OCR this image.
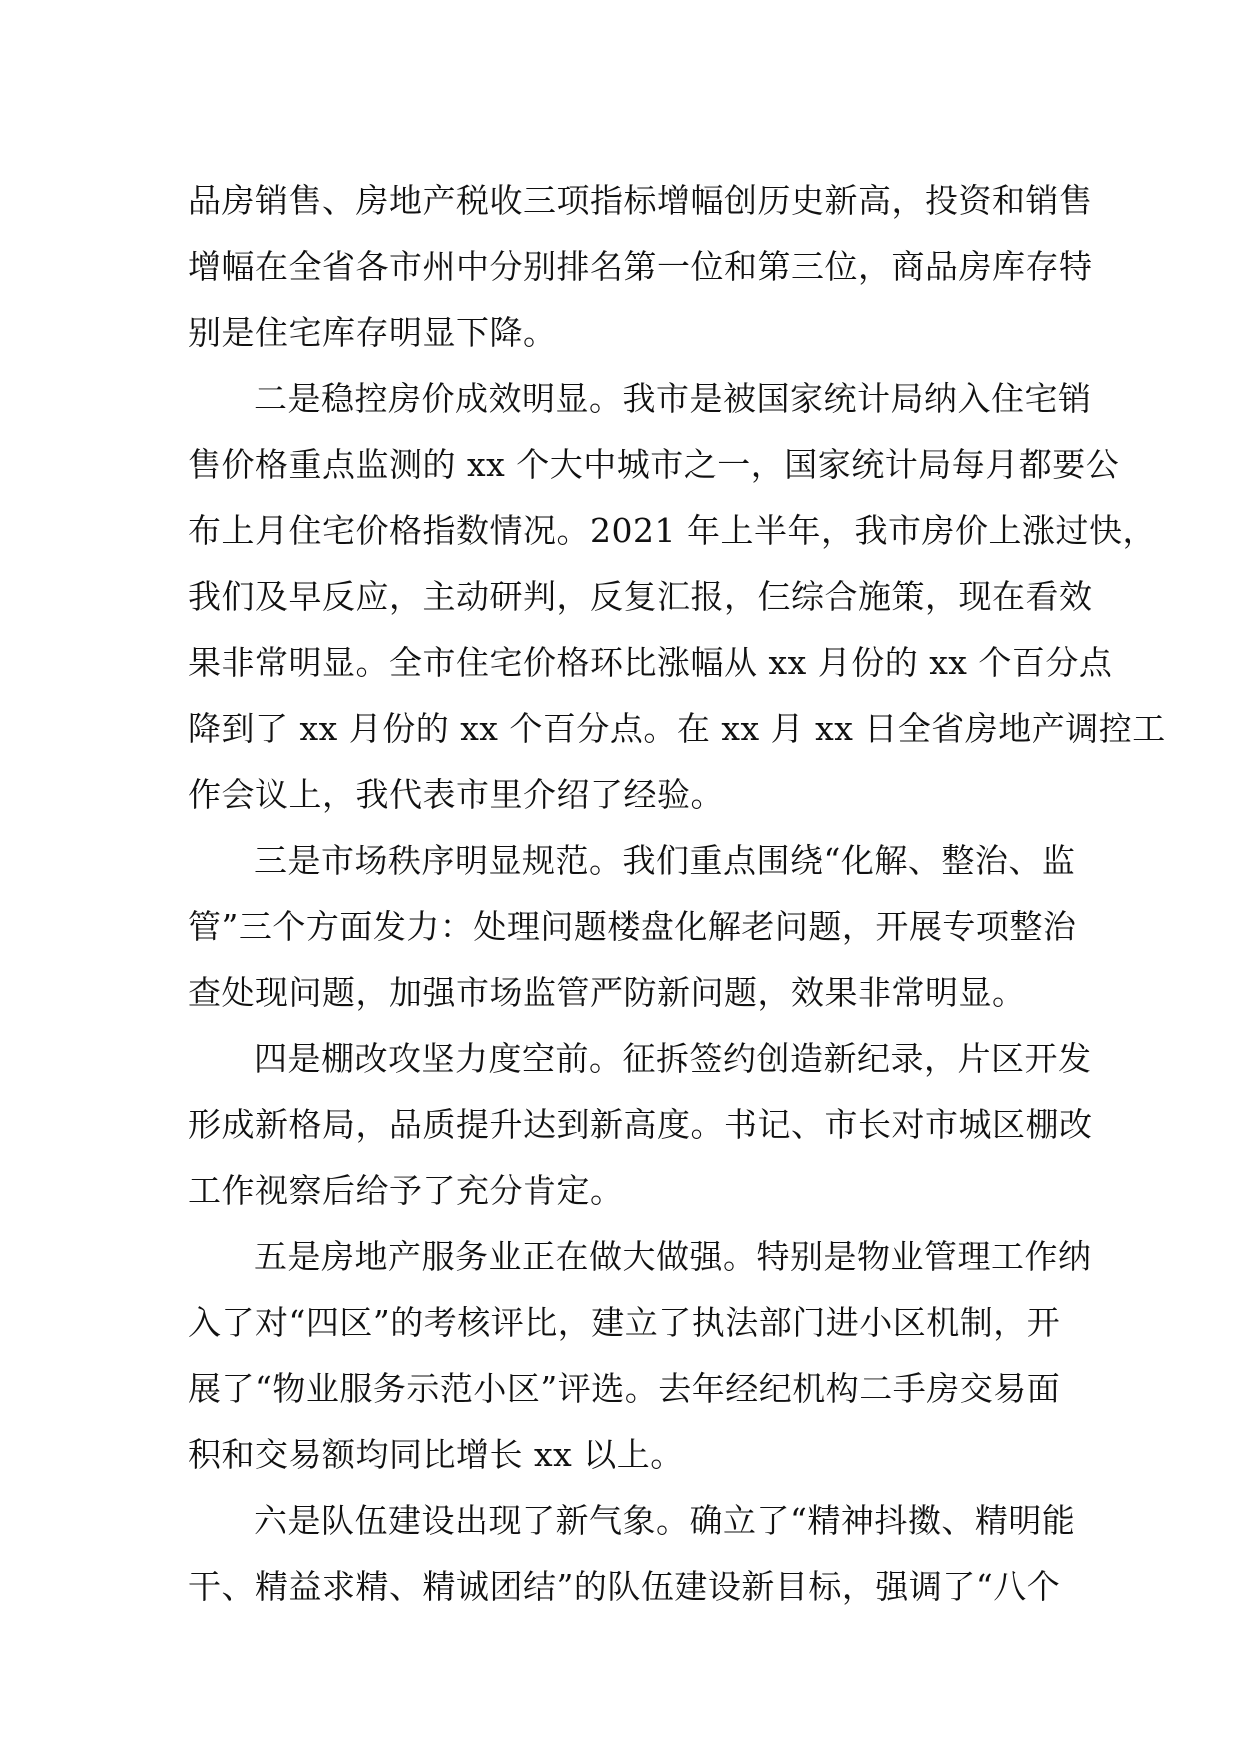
品房销售、房地产税收三项指标增幅创历史新高，投资和销售
增幅在全省各市州中分别排名第一位和第三位，商品房库存特
别是住宅库存明显下降。
二是稳控房价成效明显。我市是被国家统计局纳入住宅销
售价格重点监测的 xx 个大中城市之一，国家统计局每月都要公
布上月住宅价格指数情况。2021 年上半年，我市房价上涨过快，
我们及早反应，主动研判，反复汇报，仨综合施策，现在看效
果非常明显。全市住宅价格环比涨幅从 xx 月份的 xx 个百分点
降到了 xx 月份的 xx 个百分点。在 xx 月 xx 日全省房地产调控工
作会议上，我代表市里介绍了经验。
三是市场秩序明显规范。我们重点围绕“化解、整治、监
管”三个方面发力：处理问题楼盘化解老问题，开展专项整治
查处现问题，加强市场监管严防新问题，效果非常明显。
四是棚改攻坚力度空前。征拆签约创造新纪录，片区开发
形成新格局，品质提升达到新高度。书记、市长对市城区棚改
工作视察后给予了充分肯定。
五是房地产服务业正在做大做强。特别是物业管理工作纳
入了对“四区”的考核评比，建立了执法部门进小区机制，开
展了“物业服务示范小区”评选。去年经纪机构二手房交易面
积和交易额均同比增长 xx 以上。
六是队伍建设出现了新气象。确立了“精神抖擞、精明能
干、精益求精、精诚团结”的队伍建设新目标，强调了“八个
